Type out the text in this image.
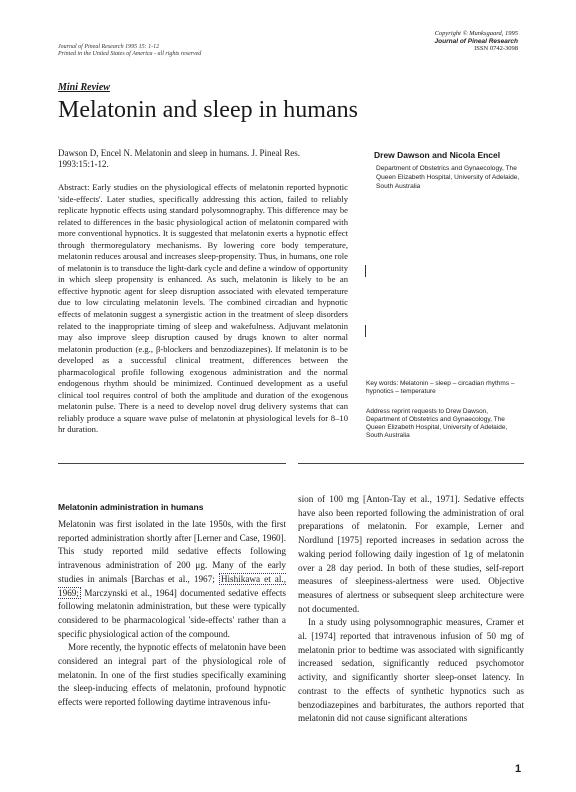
Journal of Pineal Research 1995 15: 1-12
Printed in the United States of America - all rights reserved
Copyright © Munksgaard, 1995
Journal of Pineal Research
ISSN 0742-3098
Mini Review
Melatonin and sleep in humans
Dawson D, Encel N. Melatonin and sleep in humans. J. Pineal Res. 1993:15:1-12.
Drew Dawson and Nicola Encel
Department of Obstetrics and Gynaecology, The Queen Elizabeth Hospital, University of Adelaide, South Australia
Abstract: Early studies on the physiological effects of melatonin reported hypnotic 'side-effects'. Later studies, specifically addressing this action, failed to reliably replicate hypnotic effects using standard polysomnography. This difference may be related to differences in the basic physiological action of melatonin compared with more conventional hypnotics. It is suggested that melatonin exerts a hypnotic effect through thermoregulatory mechanisms. By lowering core body temperature, melatonin reduces arousal and increases sleep-propensity. Thus, in humans, one role of melatonin is to transduce the light-dark cycle and define a window of opportunity in which sleep propensity is enhanced. As such, melatonin is likely to be an effective hypnotic agent for sleep disruption associated with elevated temperature due to low circulating melatonin levels. The combined circadian and hypnotic effects of melatonin suggest a synergistic action in the treatment of sleep disorders related to the inappropriate timing of sleep and wakefulness. Adjuvant melatonin may also improve sleep disruption caused by drugs known to alter normal melatonin production (e.g., β-blockers and benzodiazepines). If melatonin is to be developed as a successful clinical treatment, differences between the pharmacological profile following exogenous administration and the normal endogenous rhythm should be minimized. Continued development as a useful clinical tool requires control of both the amplitude and duration of the exogenous melatonin pulse. There is a need to develop novel drug delivery systems that can reliably produce a square wave pulse of melatonin at physiological levels for 8–10 hr duration.
Key words: Melatonin – sleep – circadian rhythms – hypnotics – temperature
Address reprint requests to Drew Dawson, Department of Obstetrics and Gynaecology, The Queen Elizabeth Hospital, University of Adelaide, South Australia
Melatonin administration in humans

Melatonin was first isolated in the late 1950s, with the first reported administration shortly after [Lerner and Case, 1960]. This study reported mild sedative effects following intravenous administration of 200 μg. Many of the early studies in animals [Barchas et al., 1967; Hishikawa et al., 1969; Marczynski et al., 1964] documented sedative effects following melatonin administration, but these were typically considered to be pharmacological 'side-effects' rather than a specific physiological action of the compound.

More recently, the hypnotic effects of melatonin have been considered an integral part of the physiological role of melatonin. In one of the first studies specifically examining the sleep-inducing effects of melatonin, profound hypnotic effects were reported following daytime intravenous infu-

sion of 100 mg [Anton-Tay et al., 1971]. Sedative effects have also been reported following the administration of oral preparations of melatonin. For example, Lerner and Nordlund [1975] reported increases in sedation across the waking period following daily ingestion of 1g of melatonin over a 28 day period. In both of these studies, self-report measures of sleepiness-alertness were used. Objective measures of alertness or subsequent sleep architecture were not documented.

In a study using polysomnographic measures, Cramer et al. [1974] reported that intravenous infusion of 50 mg of melatonin prior to bedtime was associated with significantly increased sedation, significantly reduced psychomotor activity, and significantly shorter sleep-onset latency. In contrast to the effects of synthetic hypnotics such as benzodiazepines and barbiturates, the authors reported that melatonin did not cause significant alterations

1
